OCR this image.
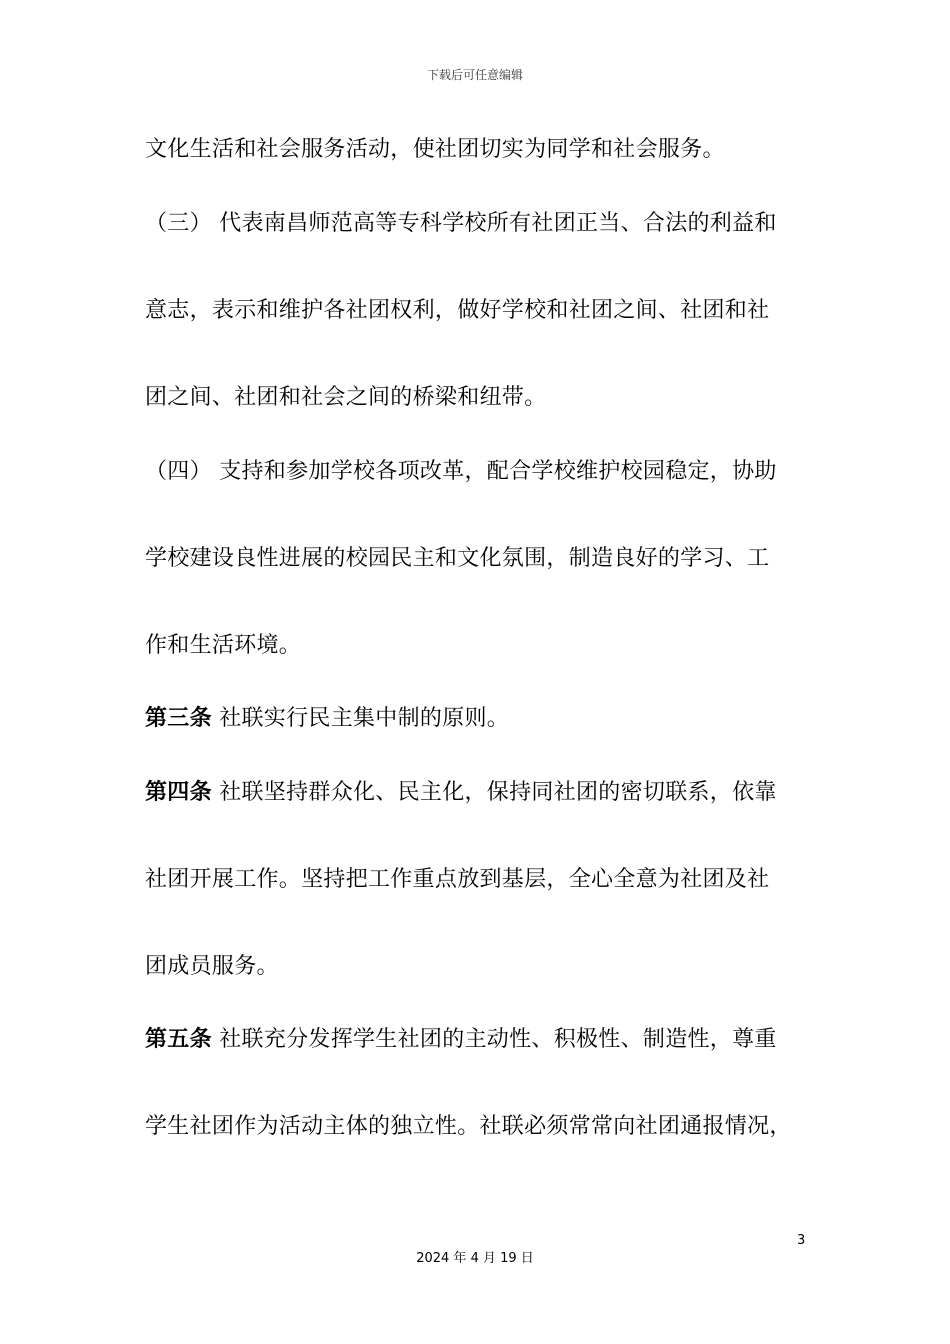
下载后可任意编辑
文化生活和社会服务活动，使社团切实为同学和社会服务。
（三） 代表南昌师范高等专科学校所有社团正当、合法的利益和
意志，表示和维护各社团权利，做好学校和社团之间、社团和社
团之间、社团和社会之间的桥梁和纽带。
（四） 支持和参加学校各项改革，配合学校维护校园稳定，协助
学校建设良性进展的校园民主和文化氛围，制造良好的学习、工
作和生活环境。
第三条 社联实行民主集中制的原则。
第四条 社联坚持群众化、民主化，保持同社团的密切联系，依靠
社团开展工作。坚持把工作重点放到基层，全心全意为社团及社
团成员服务。
第五条 社联充分发挥学生社团的主动性、积极性、制造性，尊重
学生社团作为活动主体的独立性。社联必须常常向社团通报情况，
3
2024 年 4 月 19 日
